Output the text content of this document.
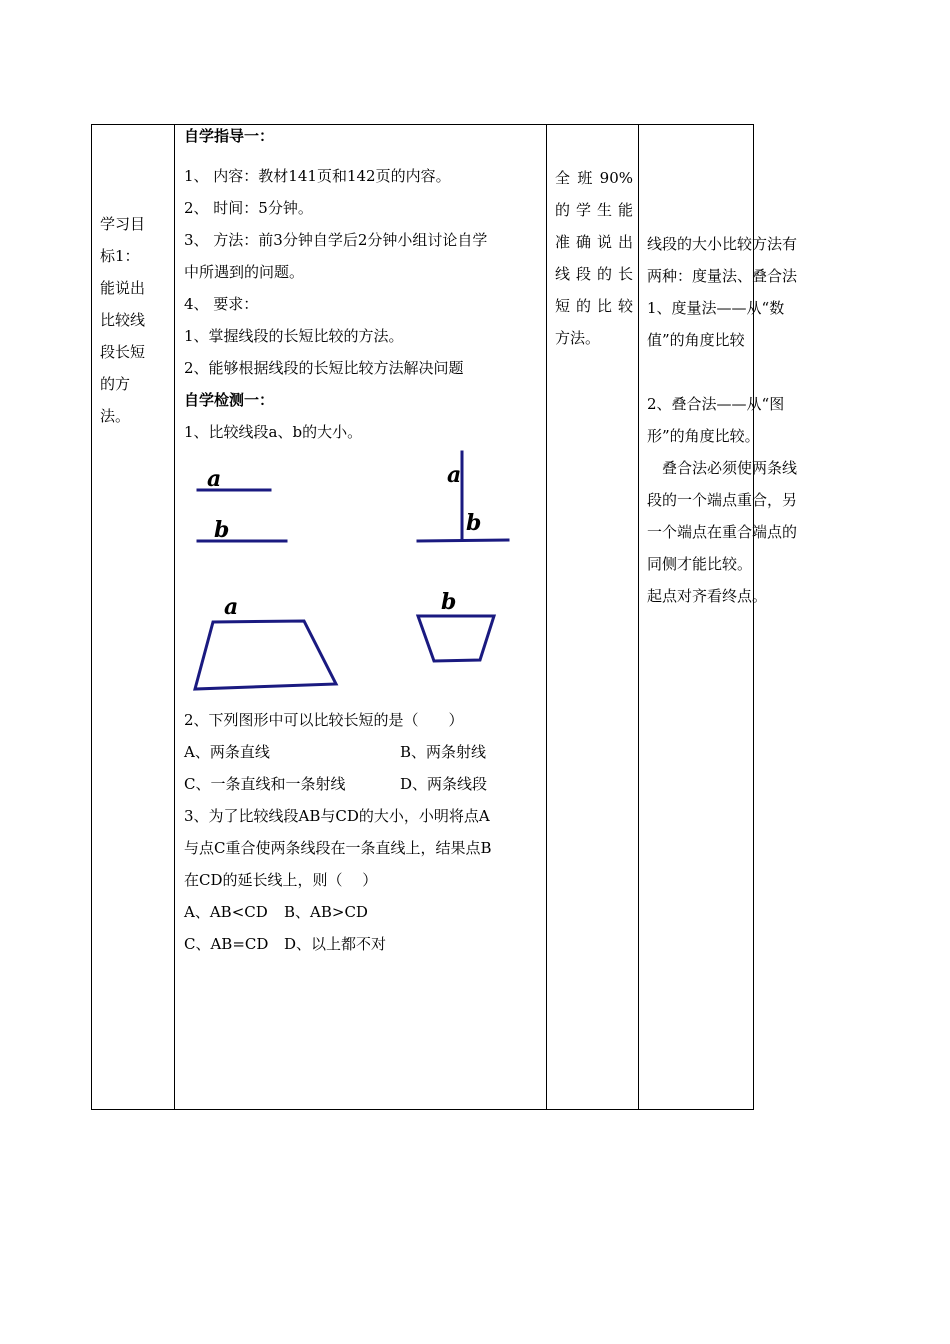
学习目
标1：
能说出
比较线
段长短
的方
法。
自学指导一：
1、 内容：教材141页和142页的内容。
2、 时间：5分钟。
3、 方法：前3分钟自学后2分钟小组讨论自学
中所遇到的问题。
4、 要求：
1、掌握线段的长短比较的方法。
2、能够根据线段的长短比较方法解决问题
自学检测一：
1、比较线段a、b的大小。
a
b
a
b
a	b
2、下列图形中可以比较长短的是（　　）
A、两条直线	B、两条射线
C、一条直线和一条射线	D、两条线段
3、为了比较线段AB与CD的大小，小明将点A
与点C重合使两条线段在一条直线上，结果点B
在CD的延长线上，则（　 ）
A、AB<CD	B、AB>CD
C、AB=CD	D、以上都不对
全 班 90%
的学生能
准确说出
线段的长
短的比较
方法。
线段的大小比较方法有
两种：度量法、叠合法
1、度量法——从“数
值”的角度比较
2、叠合法——从“图
形”的角度比较。
　叠合法必须使两条线
段的一个端点重合，另
一个端点在重合端点的
同侧才能比较。
起点对齐看终点。
